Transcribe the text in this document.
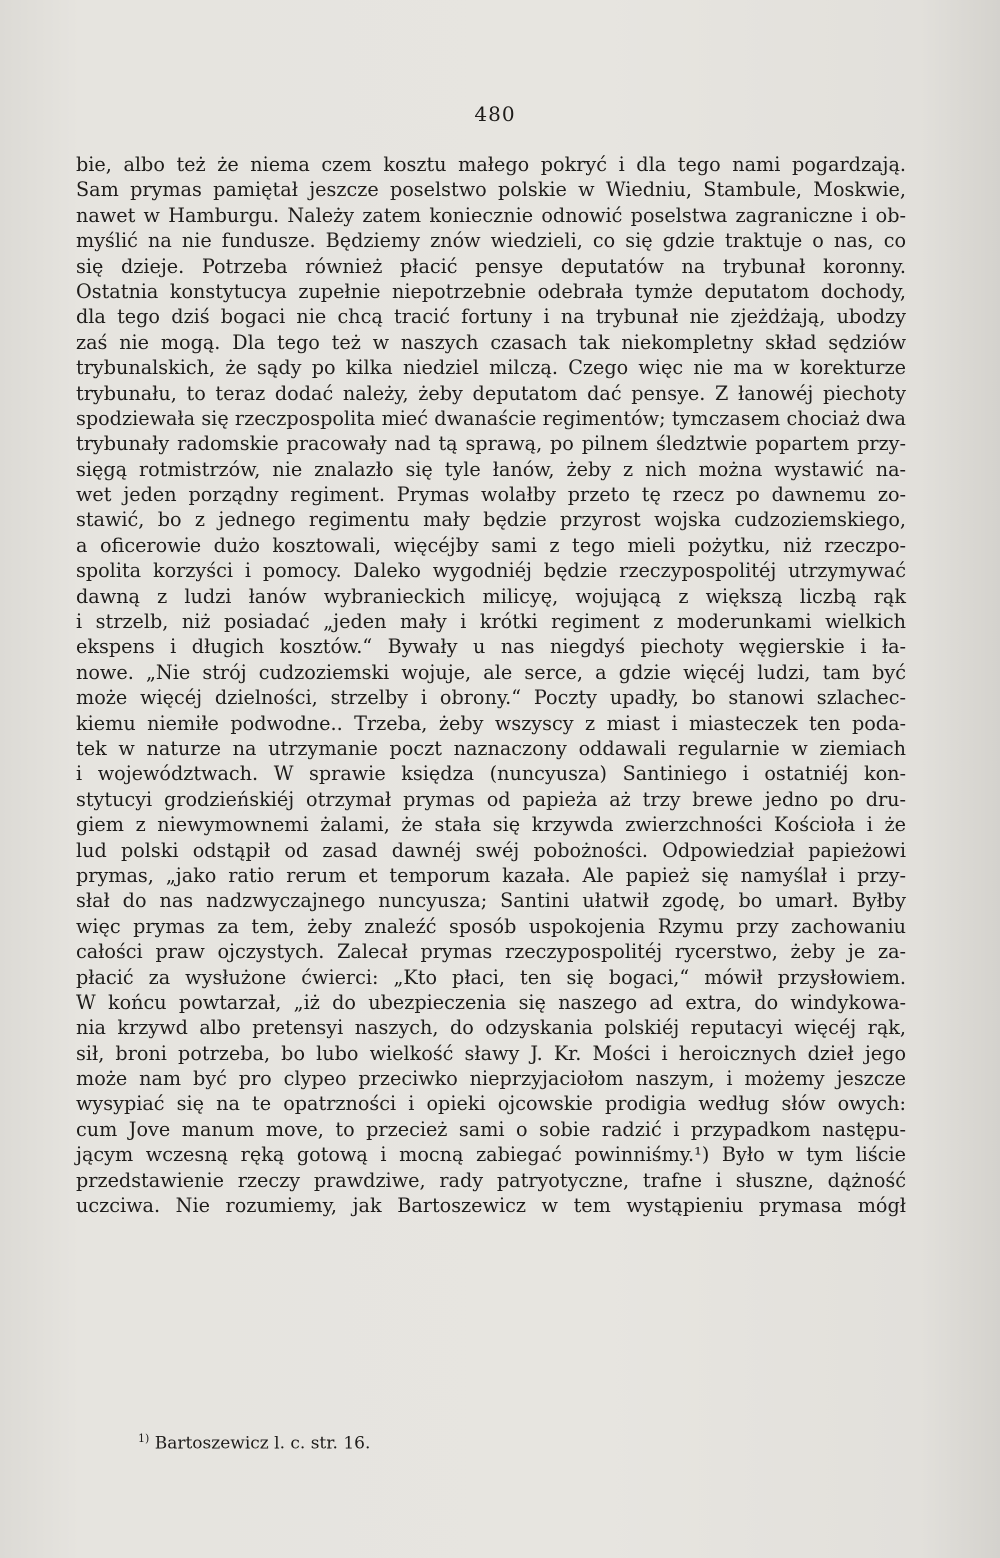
480
bie, albo też że niema czem kosztu małego pokryć i dla tego nami pogardzają.
Sam prymas pamiętał jeszcze poselstwo polskie w Wiedniu, Stambule, Moskwie,
nawet w Hamburgu. Należy zatem koniecznie odnowić poselstwa zagraniczne i ob-
myślić na nie fundusze. Będziemy znów wiedzieli, co się gdzie traktuje o nas, co
się dzieje. Potrzeba również płacić pensye deputatów na trybunał koronny.
Ostatnia konstytucya zupełnie niepotrzebnie odebrała tymże deputatom dochody,
dla tego dziś bogaci nie chcą tracić fortuny i na trybunał nie zjeżdżają, ubodzy
zaś nie mogą. Dla tego też w naszych czasach tak niekompletny skład sędziów
trybunalskich, że sądy po kilka niedziel milczą. Czego więc nie ma w korekturze
trybunału, to teraz dodać należy, żeby deputatom dać pensye. Z łanowéj piechoty
spodziewała się rzeczpospolita mieć dwanaście regimentów; tymczasem chociaż dwa
trybunały radomskie pracowały nad tą sprawą, po pilnem śledztwie popartem przy-
sięgą rotmistrzów, nie znalazło się tyle łanów, żeby z nich można wystawić na-
wet jeden porządny regiment. Prymas wolałby przeto tę rzecz po dawnemu zo-
stawić, bo z jednego regimentu mały będzie przyrost wojska cudzoziemskiego,
a oficerowie dużo kosztowali, więcéjby sami z tego mieli pożytku, niż rzeczpo-
spolita korzyści i pomocy. Daleko wygodniéj będzie rzeczypospolitéj utrzymywać
dawną z ludzi łanów wybranieckich milicyę, wojującą z większą liczbą rąk
i strzelb, niż posiadać „jeden mały i krótki regiment z moderunkami wielkich
ekspens i długich kosztów.“ Bywały u nas niegdyś piechoty węgierskie i ła-
nowe. „Nie strój cudzoziemski wojuje, ale serce, a gdzie więcéj ludzi, tam być
może więcéj dzielności, strzelby i obrony.“ Poczty upadły, bo stanowi szlachec-
kiemu niemiłe podwodne.. Trzeba, żeby wszyscy z miast i miasteczek ten poda-
tek w naturze na utrzymanie poczt naznaczony oddawali regularnie w ziemiach
i województwach. W sprawie księdza (nuncyusza) Santiniego i ostatniéj kon-
stytucyi grodzieńskiéj otrzymał prymas od papieża aż trzy brewe jedno po dru-
giem z niewymownemi żalami, że stała się krzywda zwierzchności Kościoła i że
lud polski odstąpił od zasad dawnéj swéj pobożności. Odpowiedział papieżowi
prymas, „jako ratio rerum et temporum kazała. Ale papież się namyślał i przy-
słał do nas nadzwyczajnego nuncyusza; Santini ułatwił zgodę, bo umarł. Byłby
więc prymas za tem, żeby znaleźć sposób uspokojenia Rzymu przy zachowaniu
całości praw ojczystych. Zalecał prymas rzeczypospolitéj rycerstwo, żeby je za-
płacić za wysłużone ćwierci: „Kto płaci, ten się bogaci,“ mówił przysłowiem.
W końcu powtarzał, „iż do ubezpieczenia się naszego ad extra, do windykowa-
nia krzywd albo pretensyi naszych, do odzyskania polskiéj reputacyi więcéj rąk,
sił, broni potrzeba, bo lubo wielkość sławy J. Kr. Mości i heroicznych dzieł jego
może nam być pro clypeo przeciwko nieprzyjaciołom naszym, i możemy jeszcze
wysypiać się na te opatrzności i opieki ojcowskie prodigia według słów owych:
cum Jove manum move, to przecież sami o sobie radzić i przypadkom następu-
jącym wczesną ręką gotową i mocną zabiegać powinniśmy.¹) Było w tym liście
przedstawienie rzeczy prawdziwe, rady patryotyczne, trafne i słuszne, dążność
uczciwa. Nie rozumiemy, jak Bartoszewicz w tem wystąpieniu prymasa mógł
$^{1)}$ Bartoszewicz l. c. str. 16.
